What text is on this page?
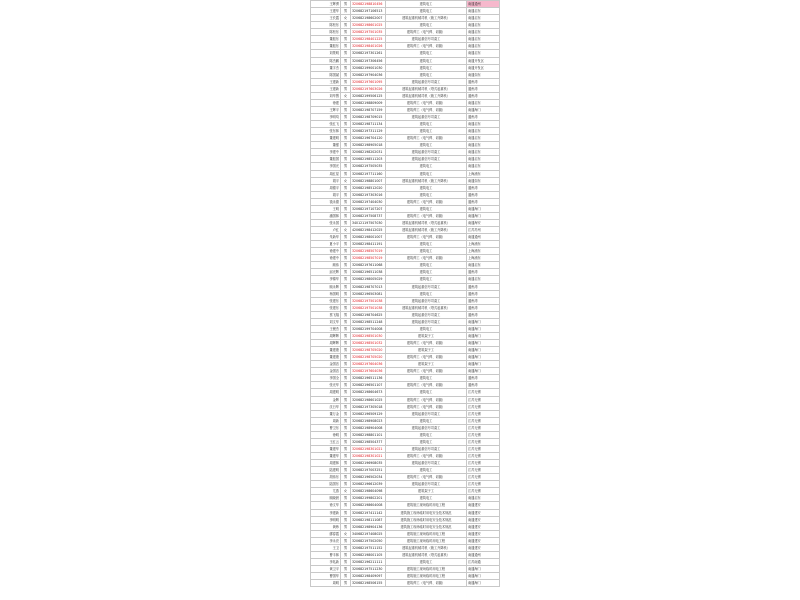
王辉勇	男	320682198810456	建筑电工	南通通州
王建华	男	320682197106513	建筑电工	南通启东
王长霞	女	320682198602007	建筑起重机械司机（施工升降机）	南通启东
陈松东	男	320682198601025	建筑电工	南通启东
陈松东	男	320682197501035	建筑焊工（电气焊、切割）	南通启东
董振东	男	320682198401225	建筑起重信号司索工	南通启东
董振东	男	320682198401026	建筑焊工（电气焊、切割）	南通启东
刘景明	男	320682197301261	建筑电工	南通启东
陈杰鹏	男	320682197306456	建筑电工	南通开发区
董宇杰	男	320682199001030	建筑电工	南通开发区
陈国斌	男	320682197904036	建筑电工	南通如东
王建新	男	320682197601095	建筑起重信号司索工	通州湾
王建新	男	320682197603026	建筑起重机械司机（塔式起重机）	通州湾
刘华慧	女	320682199506125	建筑起重机械司机（施工升降机）	通州湾
徐建	男	320682198809009	建筑焊工（电气焊、切割）	南通启东
王辉平	男	320682198707159	建筑焊工（电气焊、切割）	南通海门
李明均	男	320682198709015	建筑起重信号司索工	通州湾
张红飞	男	320682198711134	建筑电工	南通启东
张东林	男	320682197311129	建筑电工	南通启东
董建明	男	320682196704120	建筑焊工（电气焊、切割）	南通启东
董强	男	320682198905018	建筑电工	南通启东
李建中	男	320682198202031	建筑起重信号司索工	南通启东
董振国	男	320682198511203	建筑起重信号司索工	南通启东
李国光	男	320682197505035	建筑电工	南通启东
周红星	男	320682197711160	建筑电工	上海浦东
胡平	女	320682198801007	建筑起重机械司机（施工升降机）	南通如东
周德平	男	320682198512020	建筑电工	通州湾
胡平	男	320682197303016	建筑电工	通州湾
钱永德	男	320682197404030	建筑焊工（电气焊、切割）	通州湾
王明	男	320682197107207	建筑电工	南通海门
潘国林	男	320682197508737	建筑焊工（电气焊、切割）	南通海门
张永国	男	340121197507030	建筑起重机械司机（塔式起重机）	南通海安
卢红	女	420682198412025	建筑起重机械司机（施工升降机）	江苏苏州
朱新华	男	320682198001007	建筑焊工（电气焊、切割）	南通通州
夏小平	男	320682198411191	建筑电工	上海浦东
徐建中	男	320682198507019	建筑电工	上海浦东
徐建中	男	320682198507019	建筑焊工（电气焊、切割）	上海浦东
顾伟	男	320682197611068	建筑电工	南通启东
邱光辉	男	320682196511038	建筑电工	通州湾
李锦华	男	320682198005029	建筑电工	南通启东
顾永辉	男	320682198707013	建筑起重信号司索工	通州湾
杨国明	男	320682196503081	建筑电工	通州湾
张建东	男	320682197501038	建筑起重信号司索工	通州湾
张建东	男	320682197501038	建筑起重机械司机（塔式起重机）	通州湾
蔡飞翔	男	320682198704625	建筑起重信号司索工	通州湾
刘文华	男	320682198511248	建筑起重信号司索工	南通海门
王俊杰	男	320682199704008	建筑电工	南通海门
周辉辉	男	320682198501030	建筑架子工	南通海门
周辉辉	男	320682198501032	建筑焊工（电气焊、切割）	南通海门
董建康	男	320682198705020	建筑架子工	南通海门
董建康	男	320682198705020	建筑焊工（电气焊、切割）	南通海门
金国忠	男	320682197604036	建筑架子工	南通海门
金国忠	男	320682197604036	建筑焊工（电气焊、切割）	南通海门
李国全	男	320682196511136	建筑电工	通州湾
张光华	男	320682196501107	建筑焊工（电气焊、切割）	通州湾
周建明	男	320682198604673	建筑电工	江苏无锡
金辉	男	320682198601025	建筑焊工（电气焊、切割）	江苏无锡
沈日华	男	320682197305018	建筑焊工（电气焊、切割）	江苏无锡
董万金	男	320682196509129	建筑起重信号司索工	江苏无锡
周新	男	320682198908023	建筑电工	江苏无锡
曹卫东	男	320682198904008	建筑起重信号司索工	江苏无锡
徐明	男	320682198801101	建筑电工	江苏无锡
王红云	男	320682198504377	建筑电工	江苏无锡
董建华	男	320682198301021	建筑起重信号司索工	江苏无锡
董建华	男	320682198301021	建筑焊工（电气焊、切割）	江苏无锡
周建林	男	320682196908035	建筑起重信号司索工	江苏无锡
陆建明	男	320682197003251	建筑电工	江苏无锡
胡伟东	男	320682196502034	建筑焊工（电气焊、切割）	江苏无锡
陆国东	男	320682196612039	建筑起重信号司索工	江苏无锡
尤燕	女	320682198604098	建筑架子工	江苏无锡
顾晓晨	男	320682199802201	建筑电工	南通启东
徐文华	男	320682198604008	建筑施工现场临时用电工程	南通建安
李建新	男	320682197411142	建筑施工现场临时用电安全技术规范	南通建安
李明明	男	320682198111087	建筑施工现场临时用电安全技术规范	南通建安
黄炜	男	320682198904136	建筑施工现场临时用电安全技术规范	南通建安
缪春霞	女	340682197408025	建筑施工现场临时用电工程	南通建安
李永亮	男	320682197502050	建筑施工现场临时用电工程	南通建安
王卫	男	320682197511152	建筑起重机械司机（施工升降机）	南通建安
曹丰林	男	320682198001105	建筑起重机械司机（塔式起重机）	南通通州
李兆新	男	320682196211111	建筑电工	江苏南通
黄卫平	男	320682197511230	建筑施工现场临时用电工程	南通海门
曹国华	男	320682198409097	建筑施工现场临时用电工程	南通海门
周明	男	320682198506155	建筑焊工（电气焊、切割）	南通海门
